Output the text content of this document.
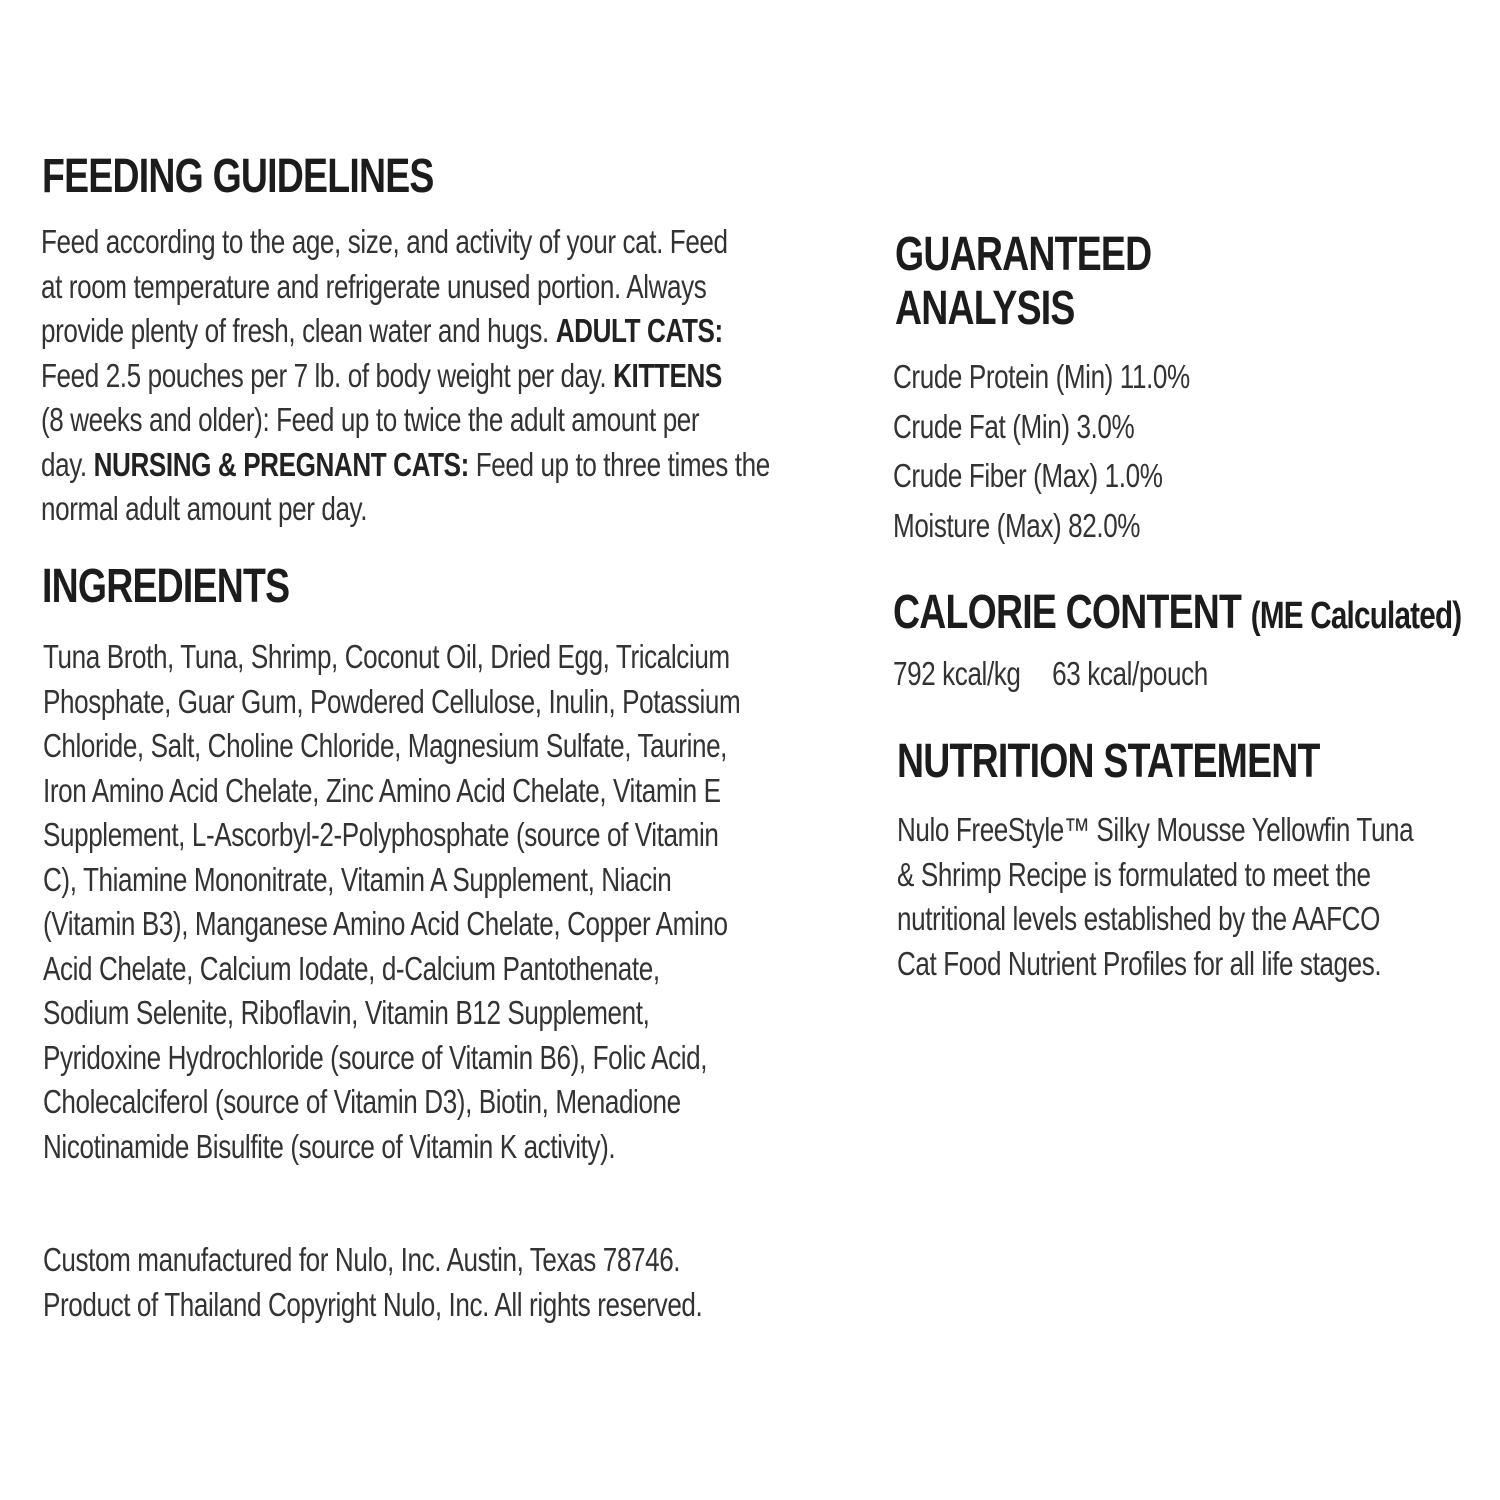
FEEDING GUIDELINES
Feed according to the age, size, and activity of your cat. Feed
at room temperature and refrigerate unused portion. Always
provide plenty of fresh, clean water and hugs. ADULT CATS:
Feed 2.5 pouches per 7 lb. of body weight per day. KITTENS
(8 weeks and older): Feed up to twice the adult amount per
day. NURSING & PREGNANT CATS: Feed up to three times the
normal adult amount per day.
INGREDIENTS
Tuna Broth, Tuna, Shrimp, Coconut Oil, Dried Egg, Tricalcium
Phosphate, Guar Gum, Powdered Cellulose, Inulin, Potassium
Chloride, Salt, Choline Chloride, Magnesium Sulfate, Taurine,
Iron Amino Acid Chelate, Zinc Amino Acid Chelate, Vitamin E
Supplement, L-Ascorbyl-2-Polyphosphate (source of Vitamin
C), Thiamine Mononitrate, Vitamin A Supplement, Niacin
(Vitamin B3), Manganese Amino Acid Chelate, Copper Amino
Acid Chelate, Calcium Iodate, d-Calcium Pantothenate,
Sodium Selenite, Riboflavin, Vitamin B12 Supplement,
Pyridoxine Hydrochloride (source of Vitamin B6), Folic Acid,
Cholecalciferol (source of Vitamin D3), Biotin, Menadione
Nicotinamide Bisulfite (source of Vitamin K activity).
Custom manufactured for Nulo, Inc. Austin, Texas 78746.
Product of Thailand Copyright Nulo, Inc. All rights reserved.
GUARANTEED
ANALYSIS
Crude Protein (Min) 11.0%
Crude Fat (Min) 3.0%
Crude Fiber (Max) 1.0%
Moisture (Max) 82.0%
CALORIE CONTENT (ME Calculated)
792 kcal/kg 63 kcal/pouch
NUTRITION STATEMENT
Nulo FreeStyle™ Silky Mousse Yellowfin Tuna
& Shrimp Recipe is formulated to meet the
nutritional levels established by the AAFCO
Cat Food Nutrient Profiles for all life stages.
